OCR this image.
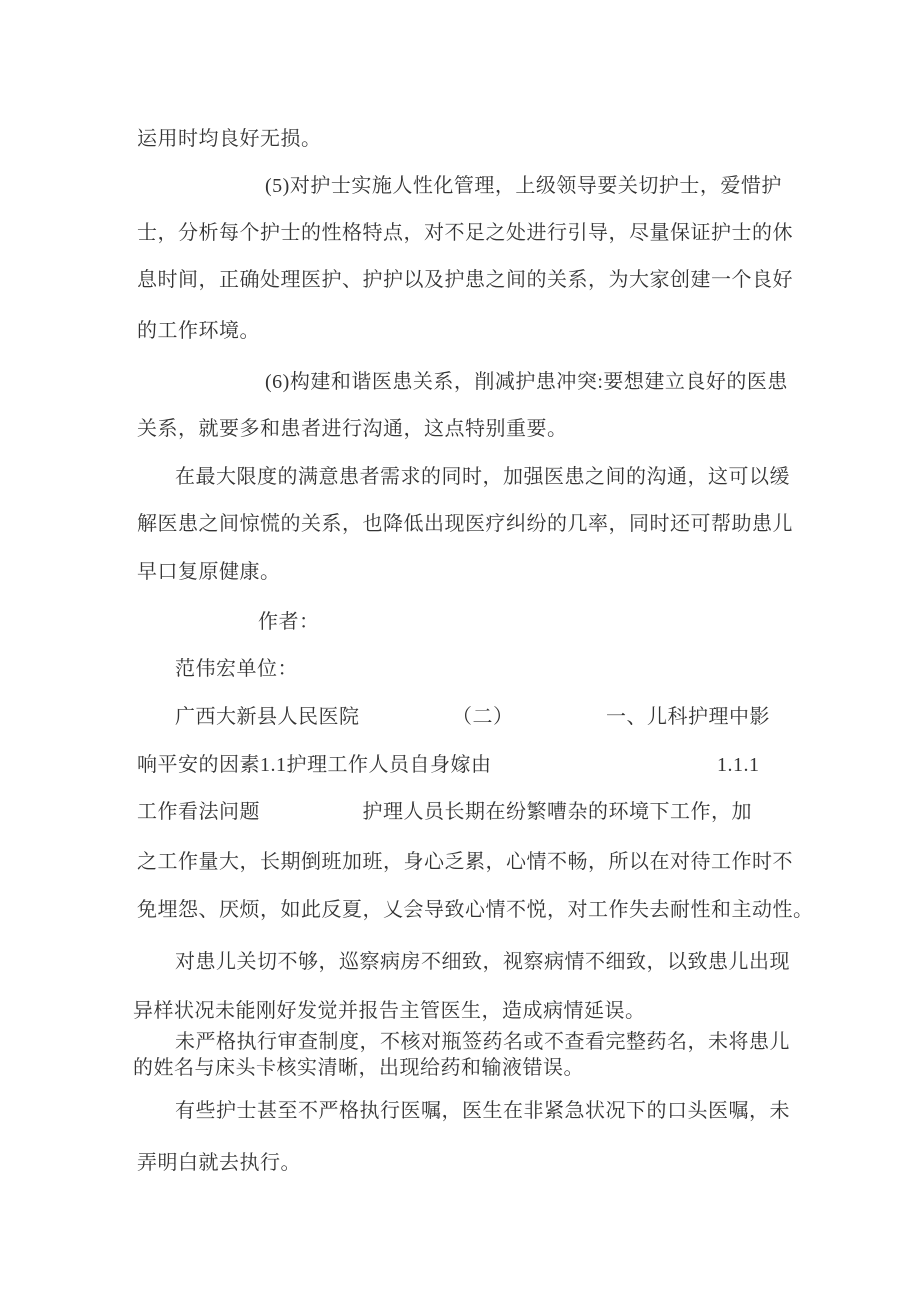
运用时均良好无损。
(5)对护士实施人性化管理，上级领导要关切护士，爱惜护
士，分析每个护士的性格特点，对不足之处进行引导，尽量保证护士的休
息时间，正确处理医护、护护以及护患之间的关系，为大家创建一个良好
的工作环境。
(6)构建和谐医患关系，削减护患冲突:要想建立良好的医患
关系，就要多和患者进行沟通，这点特别重要。
在最大限度的满意患者需求的同时，加强医患之间的沟通，这可以缓
解医患之间惊慌的关系，也降低出现医疗纠纷的几率，同时还可帮助患儿
早口复原健康。
作者：
范伟宏单位：
广西大新县人民医院　　　　　（二）　　　　　一、儿科护理中影
响平安的因素1.1护理工作人员自身嫁由　　　　　　　　　　　1.1.1
工作看法问题　　　　　护理人员长期在纷繁嘈杂的环境下工作，加
之工作量大，长期倒班加班，身心乏累，心情不畅，所以在对待工作时不
免埋怨、厌烦，如此反夏，乂会导致心情不悦，对工作失去耐性和主动性。
对患儿关切不够，巡察病房不细致，视察病情不细致，以致患儿出现
异样状况未能刚好发觉并报告主管医生，造成病情延误。
未严格执行审查制度，不核对瓶签药名或不查看完整药名，未将患儿
的姓名与床头卡核实清晰，出现给药和输液错误。
有些护士甚至不严格执行医嘱，医生在非紧急状况下的口头医嘱，未
弄明白就去执行。
